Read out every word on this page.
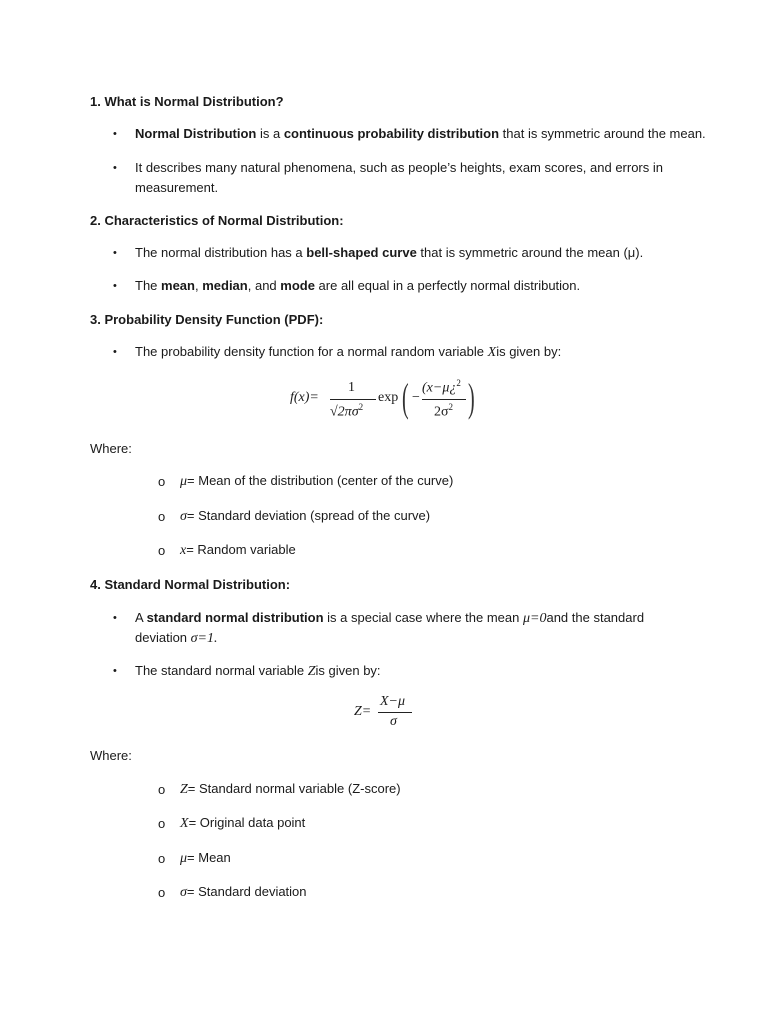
1. What is Normal Distribution?
• Normal Distribution is a continuous probability distribution that is symmetric around the mean.
• It describes many natural phenomena, such as people’s heights, exam scores, and errors in
measurement.
2. Characteristics of Normal Distribution:
• The normal distribution has a bell-shaped curve that is symmetric around the mean (μ).
• The mean, median, and mode are all equal in a perfectly normal distribution.
3. Probability Density Function (PDF):
• The probability density function for a normal random variable Xis given by:
f(x)=
1
$√2\pi\sigma^2$
exp ( −
(x−μ¿$^2$
$2\sigma^2$ )
Where:
o μ= Mean of the distribution (center of the curve)
o σ= Standard deviation (spread of the curve)
o x= Random variable
4. Standard Normal Distribution:
• A standard normal distribution is a special case where the mean μ=0and the standard
deviation σ=1.
• The standard normal variable Zis given by:
Z=
X−μ
σ
Where:
o Z= Standard normal variable (Z-score)
o X= Original data point
o μ= Mean
o σ= Standard deviation
